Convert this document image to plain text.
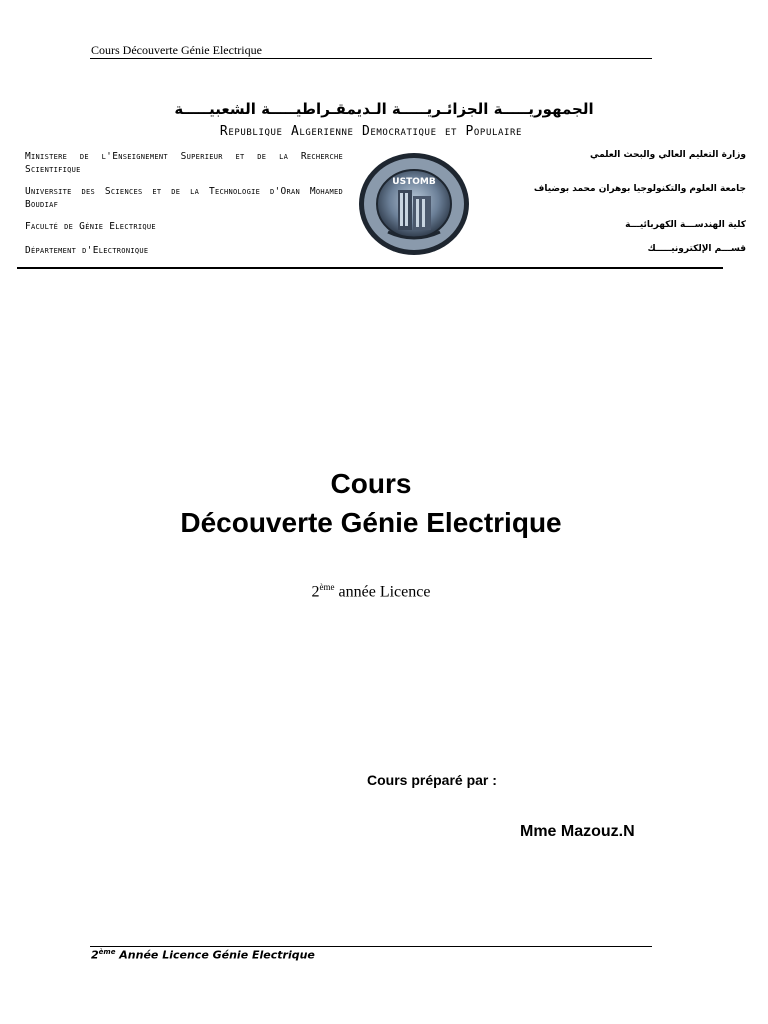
Cours Découverte Génie Electrique
الجمهوريـــــة الجزائـريـــــة الـديمقـراطيـــــة الشعبيـــــة
Republique Algerienne Democratique et Populaire
Ministere de l'Enseignement Superieur et de la Recherche Scientifique
Universite des Sciences et de la Technologie d'Oran Mohamed Boudiaf
Faculté de Génie Electrique
Département d'Electronique
وزارة التعليم العالي والبحث العلمي
جامعة العلوم والتكنولوجيا بوهران محمد بوضياف
كلية الهندســـة الكهربائيـــة
قســـم الإلكترونيـــــك
USTOMB
Cours
Découverte Génie Electrique
2ème année Licence
Cours préparé par :
Mme Mazouz.N
2ème Année Licence Génie Electrique
